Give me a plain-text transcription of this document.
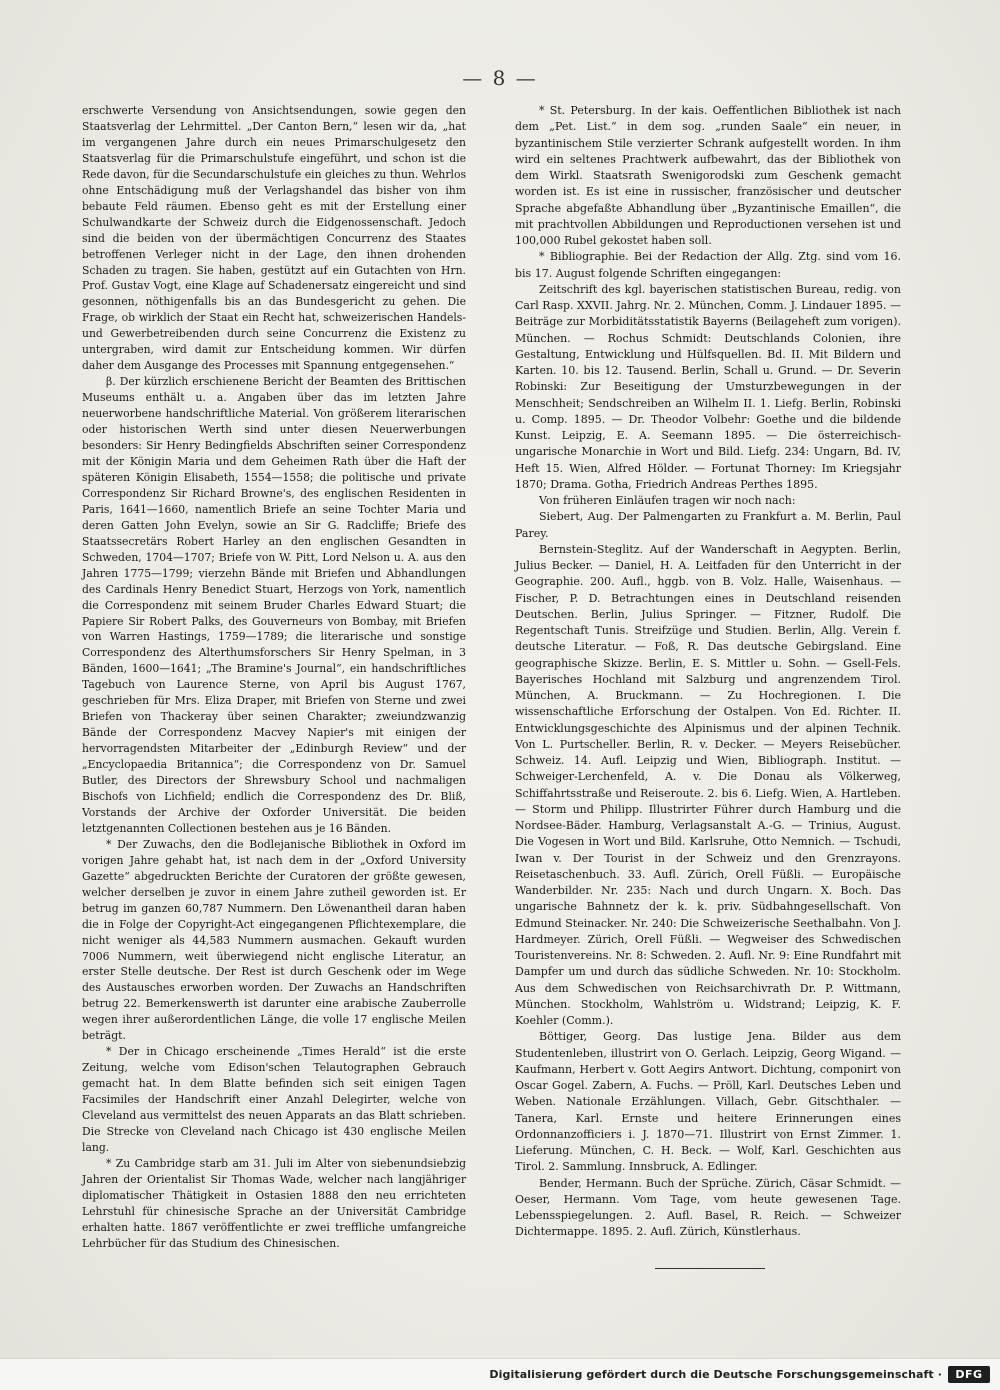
— 8 —

erschwerte Versendung von Ansichtsendungen, sowie gegen den Staatsverlag der Lehrmittel. „Der Canton Bern,“ lesen wir da, „hat im vergangenen Jahre durch ein neues Primarschulgesetz den Staatsverlag für die Primarschulstufe eingeführt, und schon ist die Rede davon, für die Secundarschulstufe ein gleiches zu thun. Wehrlos ohne Entschädigung muß der Verlagshandel das bisher von ihm bebaute Feld räumen. Ebenso geht es mit der Erstellung einer Schulwandkarte der Schweiz durch die Eidgenossenschaft. Jedoch sind die beiden von der übermächtigen Concurrenz des Staates betroffenen Verleger nicht in der Lage, den ihnen drohenden Schaden zu tragen. Sie haben, gestützt auf ein Gutachten von Hrn. Prof. Gustav Vogt, eine Klage auf Schadenersatz eingereicht und sind gesonnen, nöthigenfalls bis an das Bundesgericht zu gehen. Die Frage, ob wirklich der Staat ein Recht hat, schweizerischen Handels- und Gewerbetreibenden durch seine Concurrenz die Existenz zu untergraben, wird damit zur Entscheidung kommen. Wir dürfen daher dem Ausgange des Processes mit Spannung entgegensehen.“

β. Der kürzlich erschienene Bericht der Beamten des Brittischen Museums enthält u. a. Angaben über das im letzten Jahre neuerworbene handschriftliche Material. Von größerem literarischen oder historischen Werth sind unter diesen Neuerwerbungen besonders: Sir Henry Bedingfields Abschriften seiner Correspondenz mit der Königin Maria und dem Geheimen Rath über die Haft der späteren Königin Elisabeth, 1554—1558; die politische und private Correspondenz Sir Richard Browne's, des englischen Residenten in Paris, 1641—1660, namentlich Briefe an seine Tochter Maria und deren Gatten John Evelyn, sowie an Sir G. Radcliffe; Briefe des Staatssecretärs Robert Harley an den englischen Gesandten in Schweden, 1704—1707; Briefe von W. Pitt, Lord Nelson u. A. aus den Jahren 1775—1799; vierzehn Bände mit Briefen und Abhandlungen des Cardinals Henry Benedict Stuart, Herzogs von York, namentlich die Correspondenz mit seinem Bruder Charles Edward Stuart; die Papiere Sir Robert Palks, des Gouverneurs von Bombay, mit Briefen von Warren Hastings, 1759—1789; die literarische und sonstige Correspondenz des Alterthumsforschers Sir Henry Spelman, in 3 Bänden, 1600—1641; „The Bramine's Journal“, ein handschriftliches Tagebuch von Laurence Sterne, von April bis August 1767, geschrieben für Mrs. Eliza Draper, mit Briefen von Sterne und zwei Briefen von Thackeray über seinen Charakter; zweiundzwanzig Bände der Correspondenz Macvey Napier's mit einigen der hervorragendsten Mitarbeiter der „Edinburgh Review“ und der „Encyclopaedia Britannica“; die Correspondenz von Dr. Samuel Butler, des Directors der Shrewsbury School und nachmaligen Bischofs von Lichfield; endlich die Correspondenz des Dr. Bliß, Vorstands der Archive der Oxforder Universität. Die beiden letztgenannten Collectionen bestehen aus je 16 Bänden.

* Der Zuwachs, den die Bodlejanische Bibliothek in Oxford im vorigen Jahre gehabt hat, ist nach dem in der „Oxford University Gazette“ abgedruckten Berichte der Curatoren der größte gewesen, welcher derselben je zuvor in einem Jahre zutheil geworden ist. Er betrug im ganzen 60,787 Nummern. Den Löwenantheil daran haben die in Folge der Copyright-Act eingegangenen Pflichtexemplare, die nicht weniger als 44,583 Nummern ausmachen. Gekauft wurden 7006 Nummern, weit überwiegend nicht englische Literatur, an erster Stelle deutsche. Der Rest ist durch Geschenk oder im Wege des Austausches erworben worden. Der Zuwachs an Handschriften betrug 22. Bemerkenswerth ist darunter eine arabische Zauberrolle wegen ihrer außerordentlichen Länge, die volle 17 englische Meilen beträgt.

* Der in Chicago erscheinende „Times Herald“ ist die erste Zeitung, welche vom Edison'schen Telautographen Gebrauch gemacht hat. In dem Blatte befinden sich seit einigen Tagen Facsimiles der Handschrift einer Anzahl Delegirter, welche von Cleveland aus vermittelst des neuen Apparats an das Blatt schrieben. Die Strecke von Cleveland nach Chicago ist 430 englische Meilen lang.

* Zu Cambridge starb am 31. Juli im Alter von siebenundsiebzig Jahren der Orientalist Sir Thomas Wade, welcher nach langjähriger diplomatischer Thätigkeit in Ostasien 1888 den neu errichteten Lehrstuhl für chinesische Sprache an der Universität Cambridge erhalten hatte. 1867 veröffentlichte er zwei treffliche umfangreiche Lehrbücher für das Studium des Chinesischen.

* St. Petersburg. In der kais. Oeffentlichen Bibliothek ist nach dem „Pet. List.“ in dem sog. „runden Saale“ ein neuer, in byzantinischem Stile verzierter Schrank aufgestellt worden. In ihm wird ein seltenes Prachtwerk aufbewahrt, das der Bibliothek von dem Wirkl. Staatsrath Swenigorodski zum Geschenk gemacht worden ist. Es ist eine in russischer, französischer und deutscher Sprache abgefaßte Abhandlung über „Byzantinische Emaillen“, die mit prachtvollen Abbildungen und Reproductionen versehen ist und 100,000 Rubel gekostet haben soll.

* Bibliographie. Bei der Redaction der Allg. Ztg. sind vom 16. bis 17. August folgende Schriften eingegangen:

Zeitschrift des kgl. bayerischen statistischen Bureau, redig. von Carl Rasp. XXVII. Jahrg. Nr. 2. München, Comm. J. Lindauer 1895. — Beiträge zur Morbiditätsstatistik Bayerns (Beilageheft zum vorigen). München. — Rochus Schmidt: Deutschlands Colonien, ihre Gestaltung, Entwicklung und Hülfsquellen. Bd. II. Mit Bildern und Karten. 10. bis 12. Tausend. Berlin, Schall u. Grund. — Dr. Severin Robinski: Zur Beseitigung der Umsturzbewegungen in der Menschheit; Sendschreiben an Wilhelm II. 1. Liefg. Berlin, Robinski u. Comp. 1895. — Dr. Theodor Volbehr: Goethe und die bildende Kunst. Leipzig, E. A. Seemann 1895. — Die österreichisch-ungarische Monarchie in Wort und Bild. Liefg. 234: Ungarn, Bd. IV, Heft 15. Wien, Alfred Hölder. — Fortunat Thorney: Im Kriegsjahr 1870; Drama. Gotha, Friedrich Andreas Perthes 1895.

Von früheren Einläufen tragen wir noch nach:

Siebert, Aug. Der Palmengarten zu Frankfurt a. M. Berlin, Paul Parey.

Bernstein-Steglitz. Auf der Wanderschaft in Aegypten. Berlin, Julius Becker. — Daniel, H. A. Leitfaden für den Unterricht in der Geographie. 200. Aufl., hggb. von B. Volz. Halle, Waisenhaus. — Fischer, P. D. Betrachtungen eines in Deutschland reisenden Deutschen. Berlin, Julius Springer. — Fitzner, Rudolf. Die Regentschaft Tunis. Streifzüge und Studien. Berlin, Allg. Verein f. deutsche Literatur. — Foß, R. Das deutsche Gebirgsland. Eine geographische Skizze. Berlin, E. S. Mittler u. Sohn. — Gsell-Fels. Bayerisches Hochland mit Salzburg und angrenzendem Tirol. München, A. Bruckmann. — Zu Hochregionen. I. Die wissenschaftliche Erforschung der Ostalpen. Von Ed. Richter. II. Entwicklungsgeschichte des Alpinismus und der alpinen Technik. Von L. Purtscheller. Berlin, R. v. Decker. — Meyers Reisebücher. Schweiz. 14. Aufl. Leipzig und Wien, Bibliograph. Institut. — Schweiger-Lerchenfeld, A. v. Die Donau als Völkerweg, Schiffahrtsstraße und Reiseroute. 2. bis 6. Liefg. Wien, A. Hartleben. — Storm und Philipp. Illustrirter Führer durch Hamburg und die Nordsee-Bäder. Hamburg, Verlagsanstalt A.-G. — Trinius, August. Die Vogesen in Wort und Bild. Karlsruhe, Otto Nemnich. — Tschudi, Iwan v. Der Tourist in der Schweiz und den Grenzrayons. Reisetaschenbuch. 33. Aufl. Zürich, Orell Füßli. — Europäische Wanderbilder. Nr. 235: Nach und durch Ungarn. X. Boch. Das ungarische Bahnnetz der k. k. priv. Südbahngesellschaft. Von Edmund Steinacker. Nr. 240: Die Schweizerische Seethalbahn. Von J. Hardmeyer. Zürich, Orell Füßli. — Wegweiser des Schwedischen Touristenvereins. Nr. 8: Schweden. 2. Aufl. Nr. 9: Eine Rundfahrt mit Dampfer um und durch das südliche Schweden. Nr. 10: Stockholm. Aus dem Schwedischen von Reichsarchivrath Dr. P. Wittmann, München. Stockholm, Wahlström u. Widstrand; Leipzig, K. F. Koehler (Comm.).

Böttiger, Georg. Das lustige Jena. Bilder aus dem Studentenleben, illustrirt von O. Gerlach. Leipzig, Georg Wigand. — Kaufmann, Herbert v. Gott Aegirs Antwort. Dichtung, componirt von Oscar Gogel. Zabern, A. Fuchs. — Pröll, Karl. Deutsches Leben und Weben. Nationale Erzählungen. Villach, Gebr. Gitschthaler. — Tanera, Karl. Ernste und heitere Erinnerungen eines Ordonnanzofficiers i. J. 1870—71. Illustrirt von Ernst Zimmer. 1. Lieferung. München, C. H. Beck. — Wolf, Karl. Geschichten aus Tirol. 2. Sammlung. Innsbruck, A. Edlinger.

Bender, Hermann. Buch der Sprüche. Zürich, Cäsar Schmidt. — Oeser, Hermann. Vom Tage, vom heute gewesenen Tage. Lebensspiegelungen. 2. Aufl. Basel, R. Reich. — Schweizer Dichtermappe. 1895. 2. Aufl. Zürich, Künstlerhaus.

Digitalisierung gefördert durch die Deutsche Forschungsgemeinschaft ·	DFG
